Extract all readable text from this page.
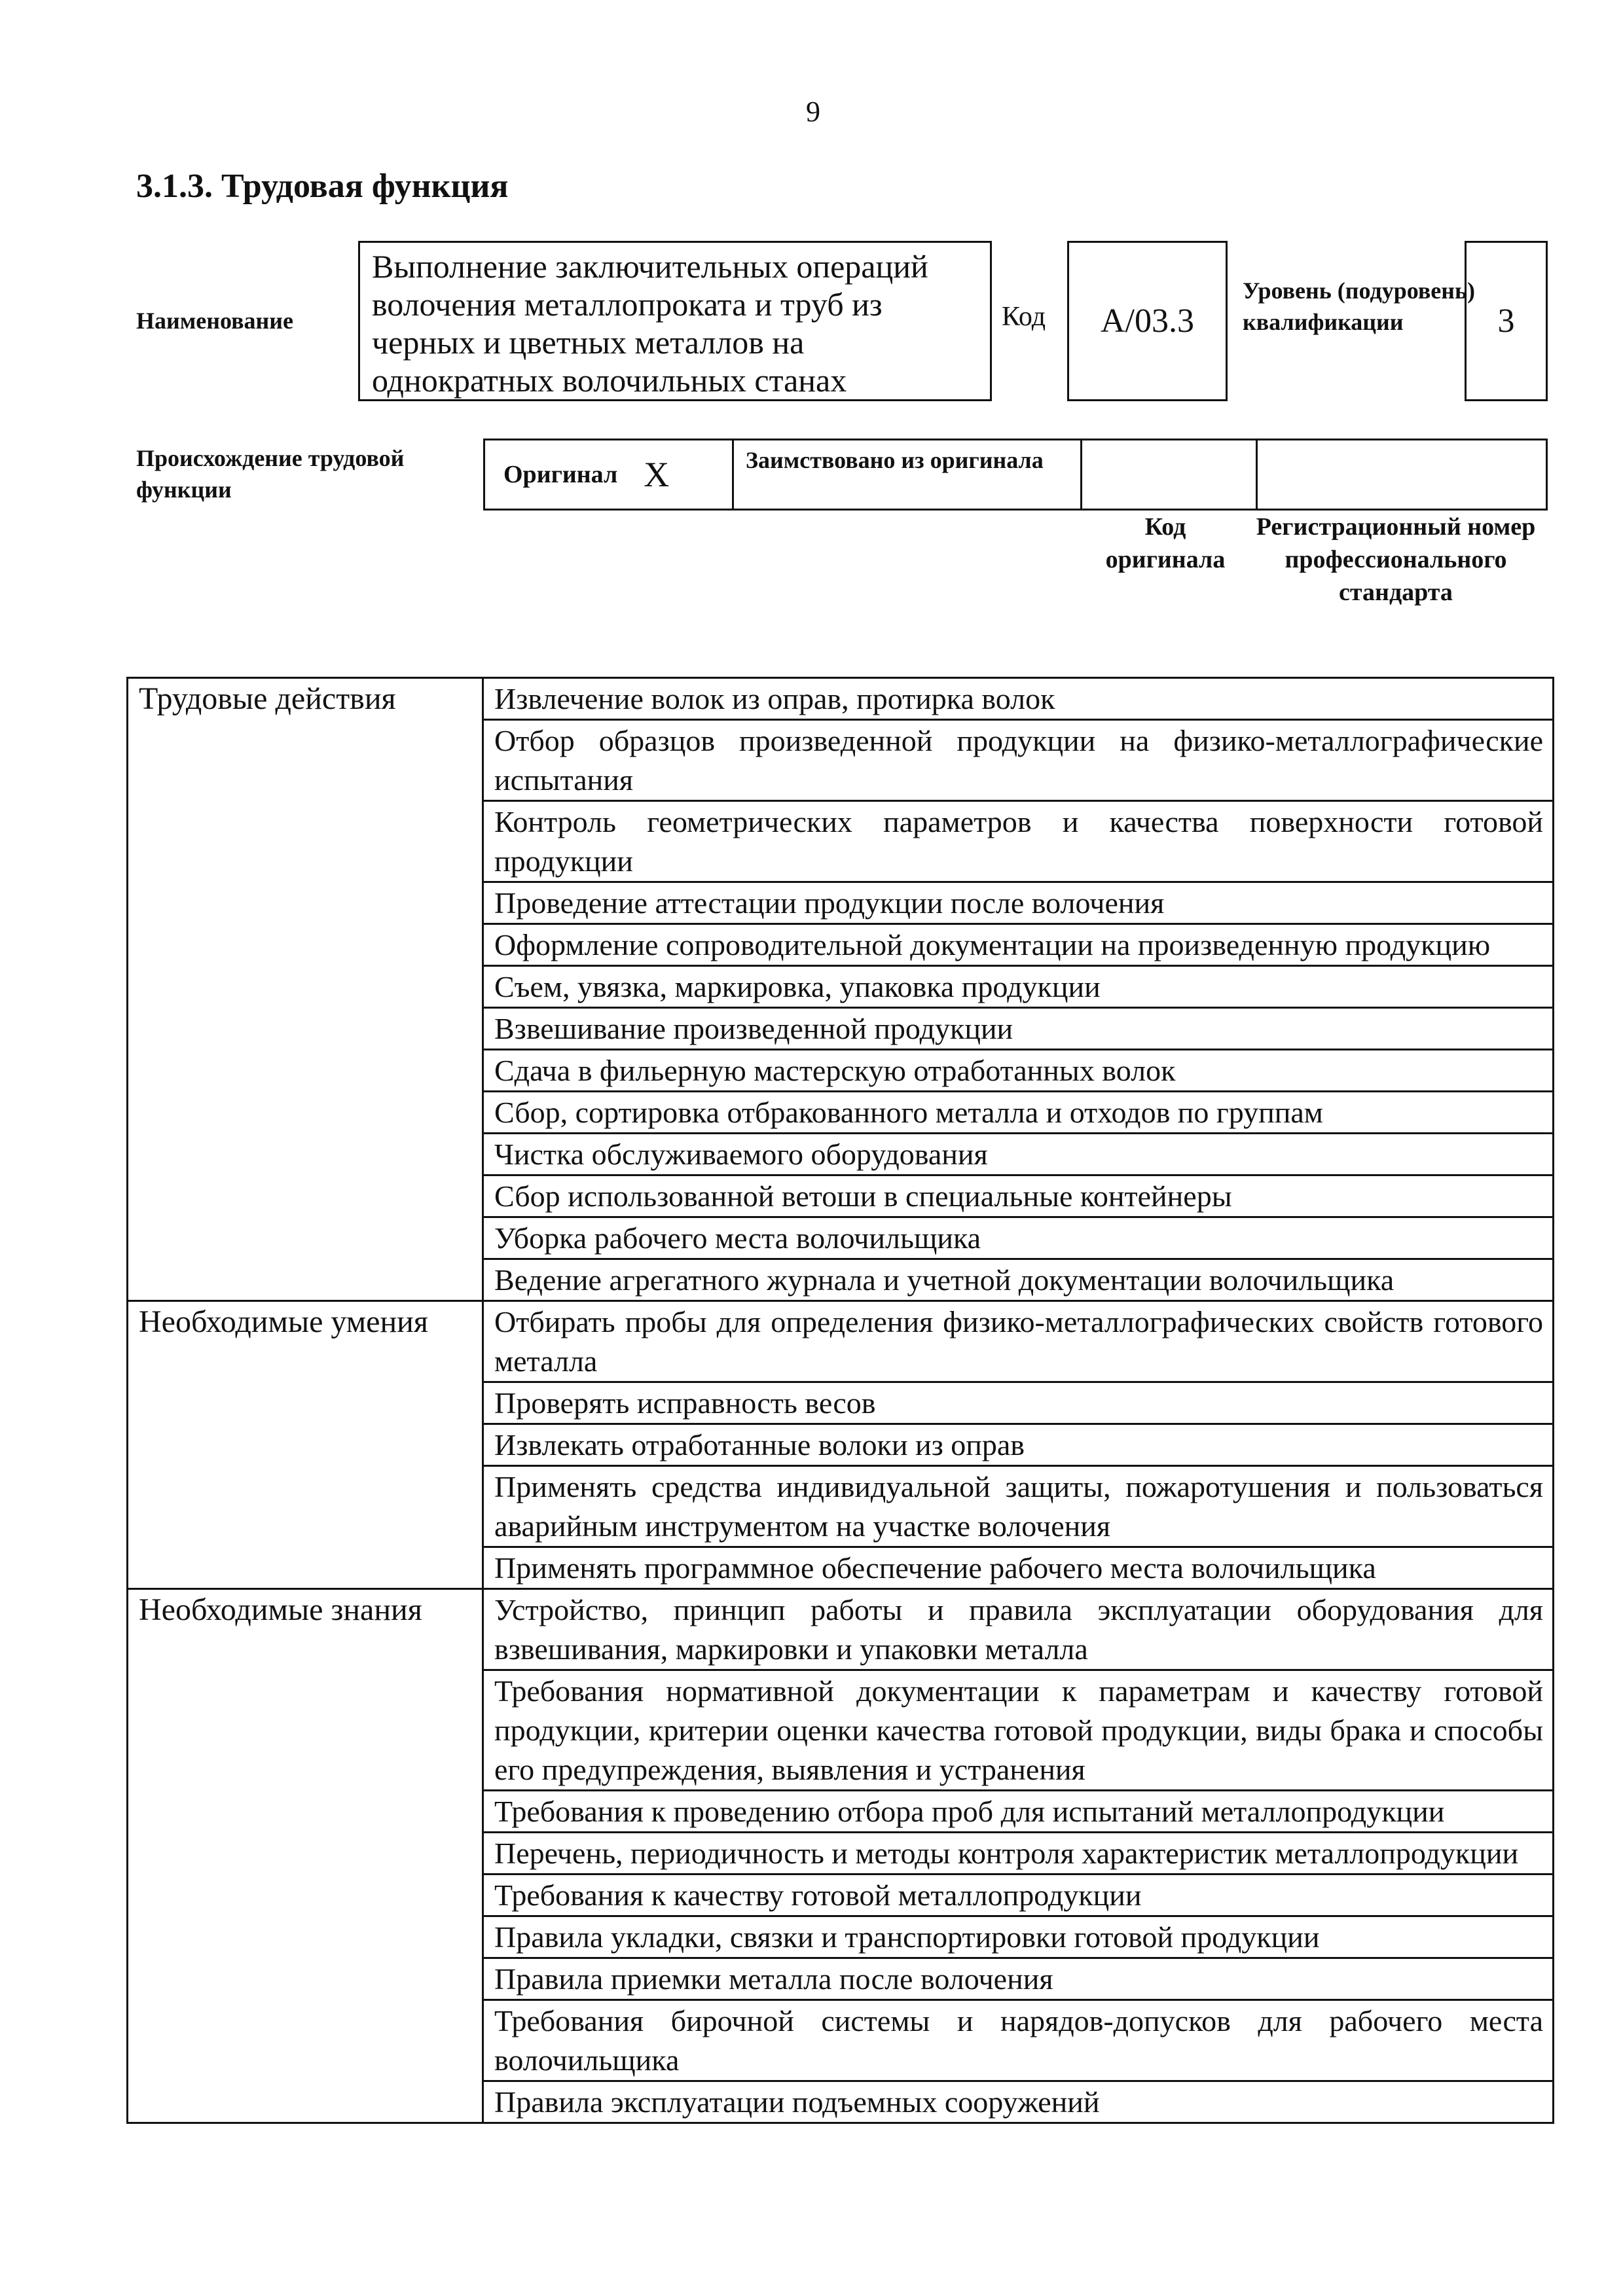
9
3.1.3. Трудовая функция
Наименование
Выполнение заключительных операций волочения металлопроката и труб из черных и цветных металлов на однократных волочильных станах
Код	A/03.3
Уровень (подуровень) квалификации	3
Происхождение трудовой функции
Оригинал X	Заимствовано из оригинала
Код оригинала
Регистрационный номер профессионального стандарта
Трудовые действия	Извлечение волок из оправ, протирка волок
	Отбор образцов произведенной продукции на физико-металлографические испытания
	Контроль геометрических параметров и качества поверхности готовой продукции
	Проведение аттестации продукции после волочения
	Оформление сопроводительной документации на произведенную продукцию
	Съем, увязка, маркировка, упаковка продукции
	Взвешивание произведенной продукции
	Сдача в фильерную мастерскую отработанных волок
	Сбор, сортировка отбракованного металла и отходов по группам
	Чистка обслуживаемого оборудования
	Сбор использованной ветоши в специальные контейнеры
	Уборка рабочего места волочильщика
	Ведение агрегатного журнала и учетной документации волочильщика
Необходимые умения	Отбирать пробы для определения физико-металлографических свойств готового металла
	Проверять исправность весов
	Извлекать отработанные волоки из оправ
	Применять средства индивидуальной защиты, пожаротушения и пользоваться аварийным инструментом на участке волочения
	Применять программное обеспечение рабочего места волочильщика
Необходимые знания	Устройство, принцип работы и правила эксплуатации оборудования для взвешивания, маркировки и упаковки металла
	Требования нормативной документации к параметрам и качеству готовой продукции, критерии оценки качества готовой продукции, виды брака и способы его предупреждения, выявления и устранения
	Требования к проведению отбора проб для испытаний металлопродукции
	Перечень, периодичность и методы контроля характеристик металлопродукции
	Требования к качеству готовой металлопродукции
	Правила укладки, связки и транспортировки готовой продукции
	Правила приемки металла после волочения
	Требования бирочной системы и нарядов-допусков для рабочего места волочильщика
	Правила эксплуатации подъемных сооружений
